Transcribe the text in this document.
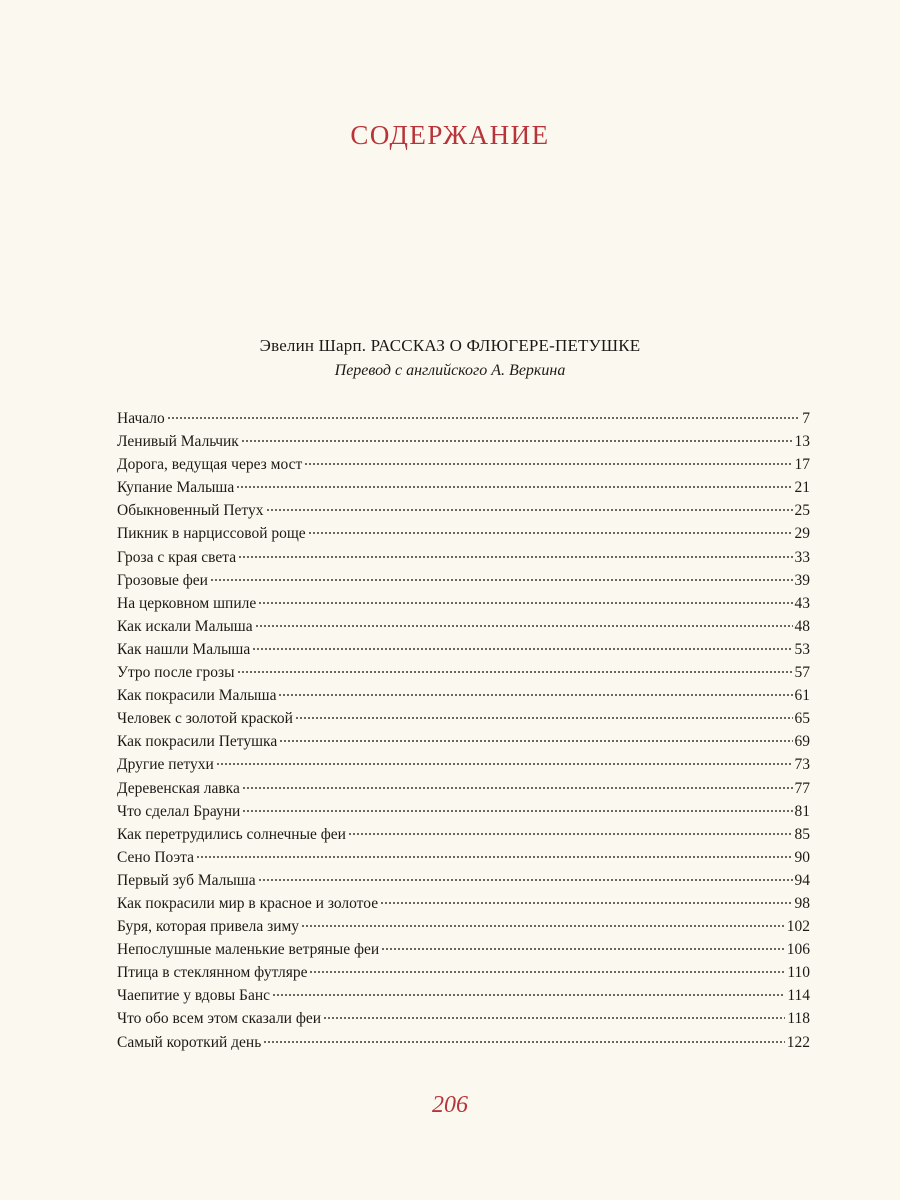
СОДЕРЖАНИЕ
Эвелин Шарп. РАССКАЗ О ФЛЮГЕРЕ-ПЕТУШКЕ
Перевод с английского А. Веркина
Начало	7
Ленивый Мальчик	13
Дорога, ведущая через мост	17
Купание Малыша	21
Обыкновенный Петух	25
Пикник в нарциссовой роще	29
Гроза с края света	33
Грозовые феи	39
На церковном шпиле	43
Как искали Малыша	48
Как нашли Малыша	53
Утро после грозы	57
Как покрасили Малыша	61
Человек с золотой краской	65
Как покрасили Петушка	69
Другие петухи	73
Деревенская лавка	77
Что сделал Брауни	81
Как перетрудились солнечные феи	85
Сено Поэта	90
Первый зуб Малыша	94
Как покрасили мир в красное и золотое	98
Буря, которая привела зиму	102
Непослушные маленькие ветряные феи	106
Птица в стеклянном футляре	110
Чаепитие у вдовы Банс	114
Что обо всем этом сказали феи	118
Самый короткий день	122
206
